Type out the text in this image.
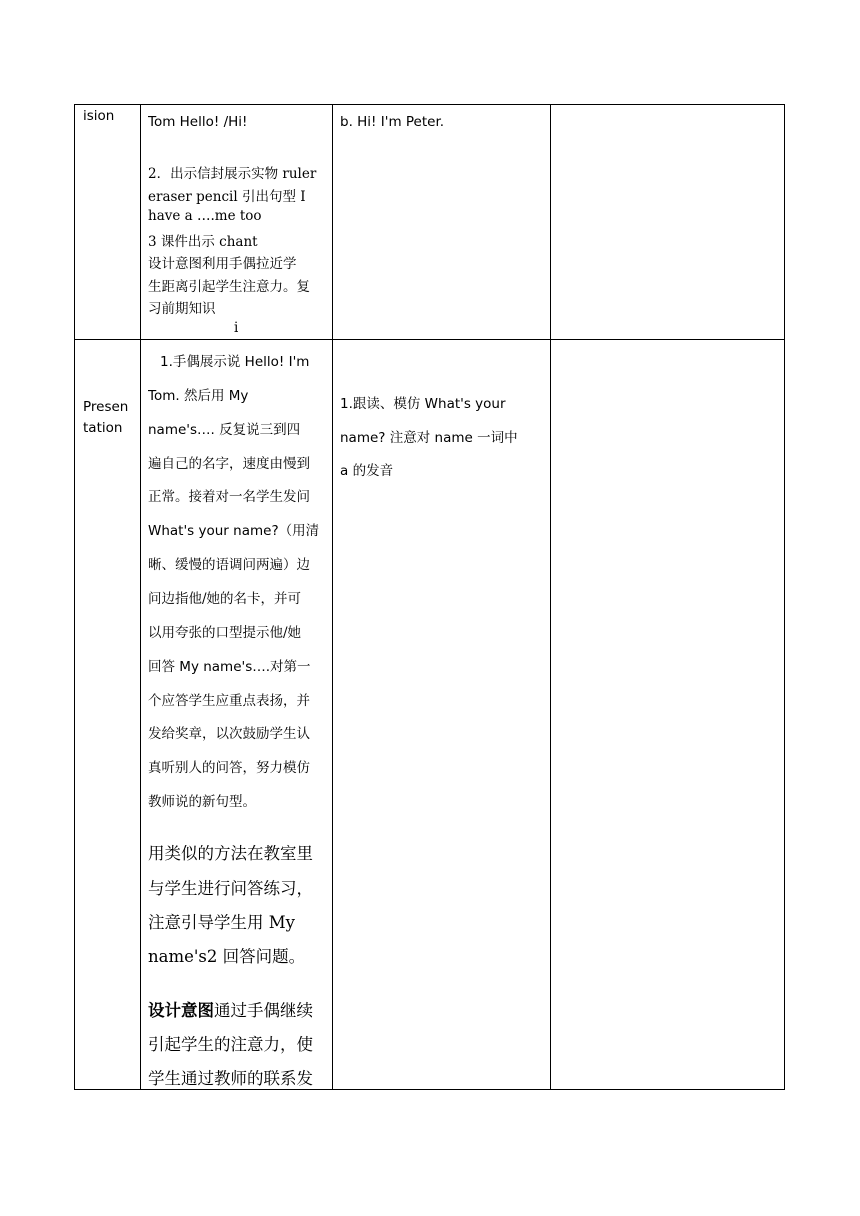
ision	Tom Hello! /Hi!
2．出示信封展示实物 ruler
eraser pencil 引出句型 I
have a ….me too
3 课件出示 chant
设计意图利用手偶拉近学
生距离引起学生注意力。复
习前期知识
i
b. Hi! I'm Peter.
Presen
tation
1.手偶展示说 Hello! I'm
Tom. 然后用 My
name's…. 反复说三到四
遍自己的名字，速度由慢到
正常。接着对一名学生发问
What's your name?（用清
晰、缓慢的语调问两遍）边
问边指他/她的名卡，并可
以用夸张的口型提示他/她
回答 My name's….对第一
个应答学生应重点表扬，并
发给奖章，以次鼓励学生认
真听别人的问答，努力模仿
教师说的新句型。
用类似的方法在教室里
与学生进行问答练习，
注意引导学生用 My
name's2 回答问题。
设计意图通过手偶继续
引起学生的注意力，使
学生通过教师的联系发
1.跟读、模仿 What's your
name? 注意对 name 一词中
a 的发音
